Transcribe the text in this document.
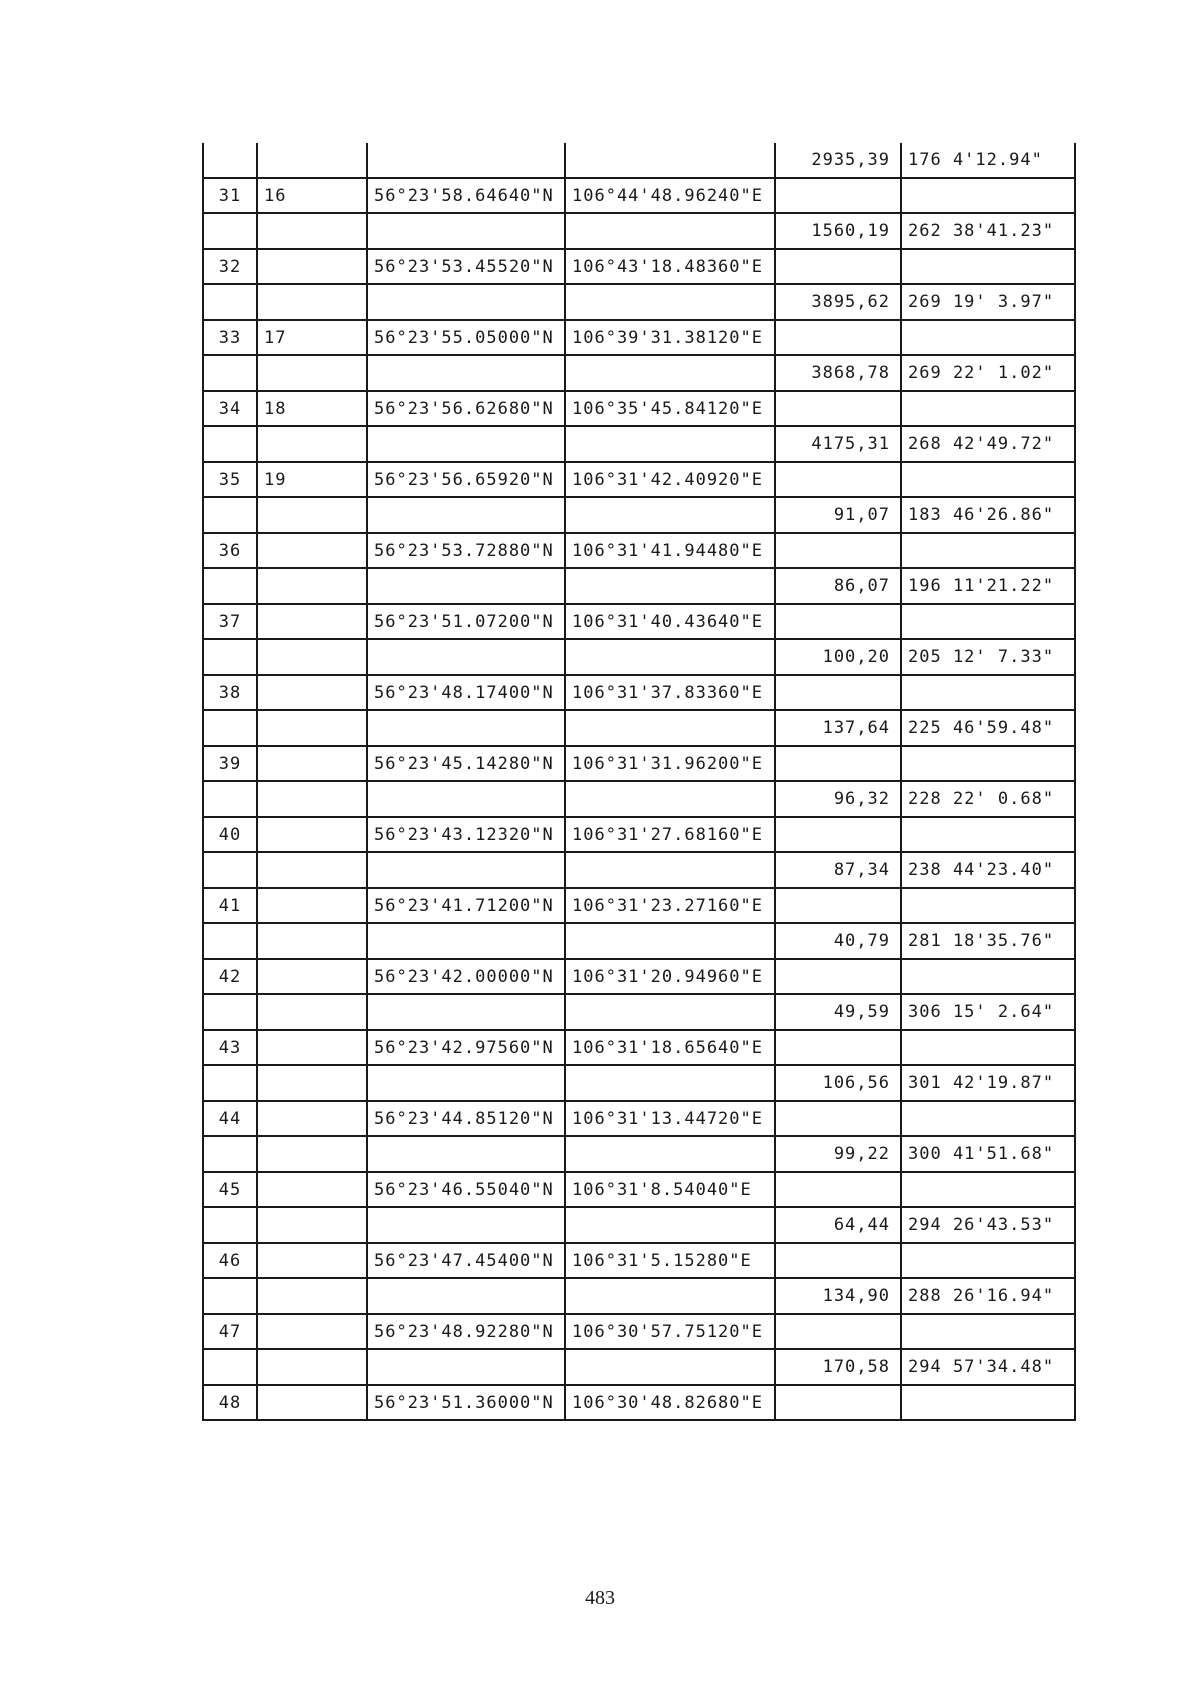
				2935,39	176 4'12.94"
31	16	56°23'58.64640"N	106°44'48.96240"E		
				1560,19	262 38'41.23"
32		56°23'53.45520"N	106°43'18.48360"E		
				3895,62	269 19' 3.97"
33	17	56°23'55.05000"N	106°39'31.38120"E		
				3868,78	269 22' 1.02"
34	18	56°23'56.62680"N	106°35'45.84120"E		
				4175,31	268 42'49.72"
35	19	56°23'56.65920"N	106°31'42.40920"E		
				91,07	183 46'26.86"
36		56°23'53.72880"N	106°31'41.94480"E		
				86,07	196 11'21.22"
37		56°23'51.07200"N	106°31'40.43640"E		
				100,20	205 12' 7.33"
38		56°23'48.17400"N	106°31'37.83360"E		
				137,64	225 46'59.48"
39		56°23'45.14280"N	106°31'31.96200"E		
				96,32	228 22' 0.68"
40		56°23'43.12320"N	106°31'27.68160"E		
				87,34	238 44'23.40"
41		56°23'41.71200"N	106°31'23.27160"E		
				40,79	281 18'35.76"
42		56°23'42.00000"N	106°31'20.94960"E		
				49,59	306 15' 2.64"
43		56°23'42.97560"N	106°31'18.65640"E		
				106,56	301 42'19.87"
44		56°23'44.85120"N	106°31'13.44720"E		
				99,22	300 41'51.68"
45		56°23'46.55040"N	106°31'8.54040"E		
				64,44	294 26'43.53"
46		56°23'47.45400"N	106°31'5.15280"E		
				134,90	288 26'16.94"
47		56°23'48.92280"N	106°30'57.75120"E		
				170,58	294 57'34.48"
48		56°23'51.36000"N	106°30'48.82680"E		
483
